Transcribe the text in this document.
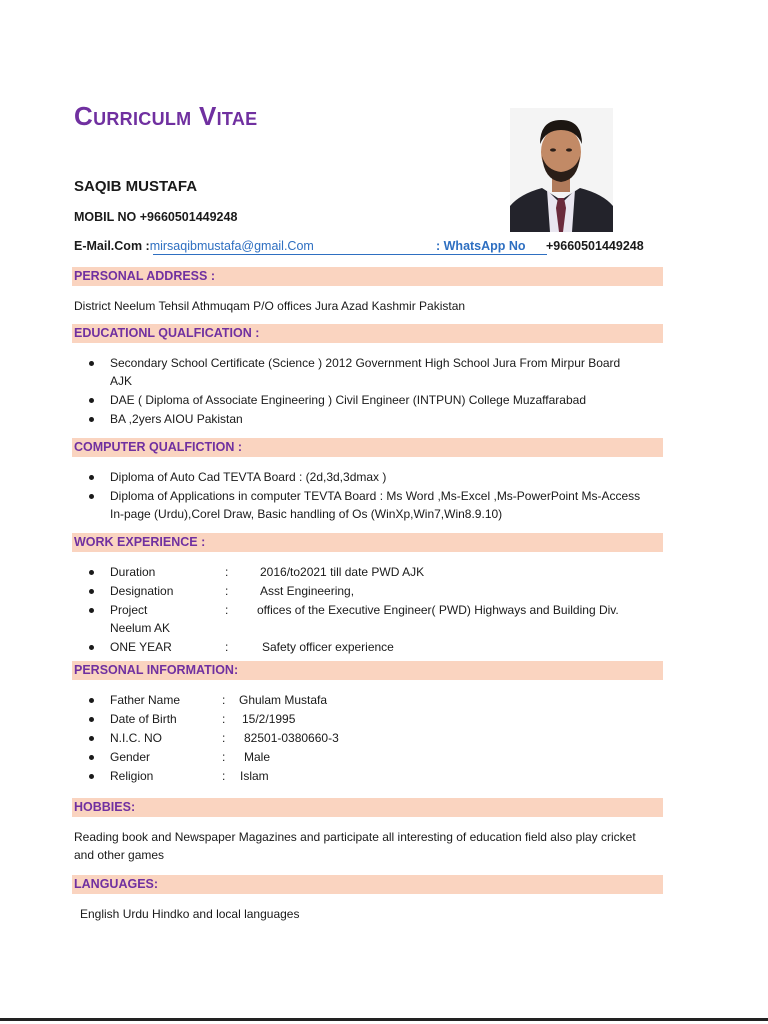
Curriculm Vitae
SAQIB MUSTAFA
MOBIL NO +9660501449248
E-Mail.Com :mirsaqibmustafa@gmail.Com	: WhatsApp No +9660501449248
PERSONAL ADDRESS :
District Neelum Tehsil Athmuqam P/O offices Jura Azad Kashmir Pakistan
EDUCATIONL QUALFICATION :
Secondary School Certificate (Science ) 2012 Government High School Jura From Mirpur Board AJK
DAE ( Diploma of Associate Engineering ) Civil Engineer (INTPUN) College Muzaffarabad
BA ,2yers AIOU Pakistan
COMPUTER QUALFICTION :
Diploma of Auto Cad TEVTA Board : (2d,3d,3dmax )
Diploma of Applications in computer TEVTA Board : Ms Word ,Ms-Excel ,Ms-PowerPoint Ms-Access In-page (Urdu),Corel Draw, Basic handling of Os (WinXp,Win7,Win8.9.10)
WORK EXPERIENCE :
Duration	:	2016/to2021 till date PWD AJK
Designation	:	Asst Engineering,
Project	: offices of the Executive Engineer( PWD) Highways and Building Div. Neelum AK
ONE YEAR	:	Safety officer experience
PERSONAL INFORMATION:
Father Name	: Ghulam Mustafa
Date of Birth	: 15/2/1995
N.I.C. NO	: 82501-0380660-3
Gender	: Male
Religion	: Islam
HOBBIES:
Reading book and Newspaper Magazines and participate all interesting of education field also play cricket and other games
LANGUAGES:
English Urdu Hindko and local languages
